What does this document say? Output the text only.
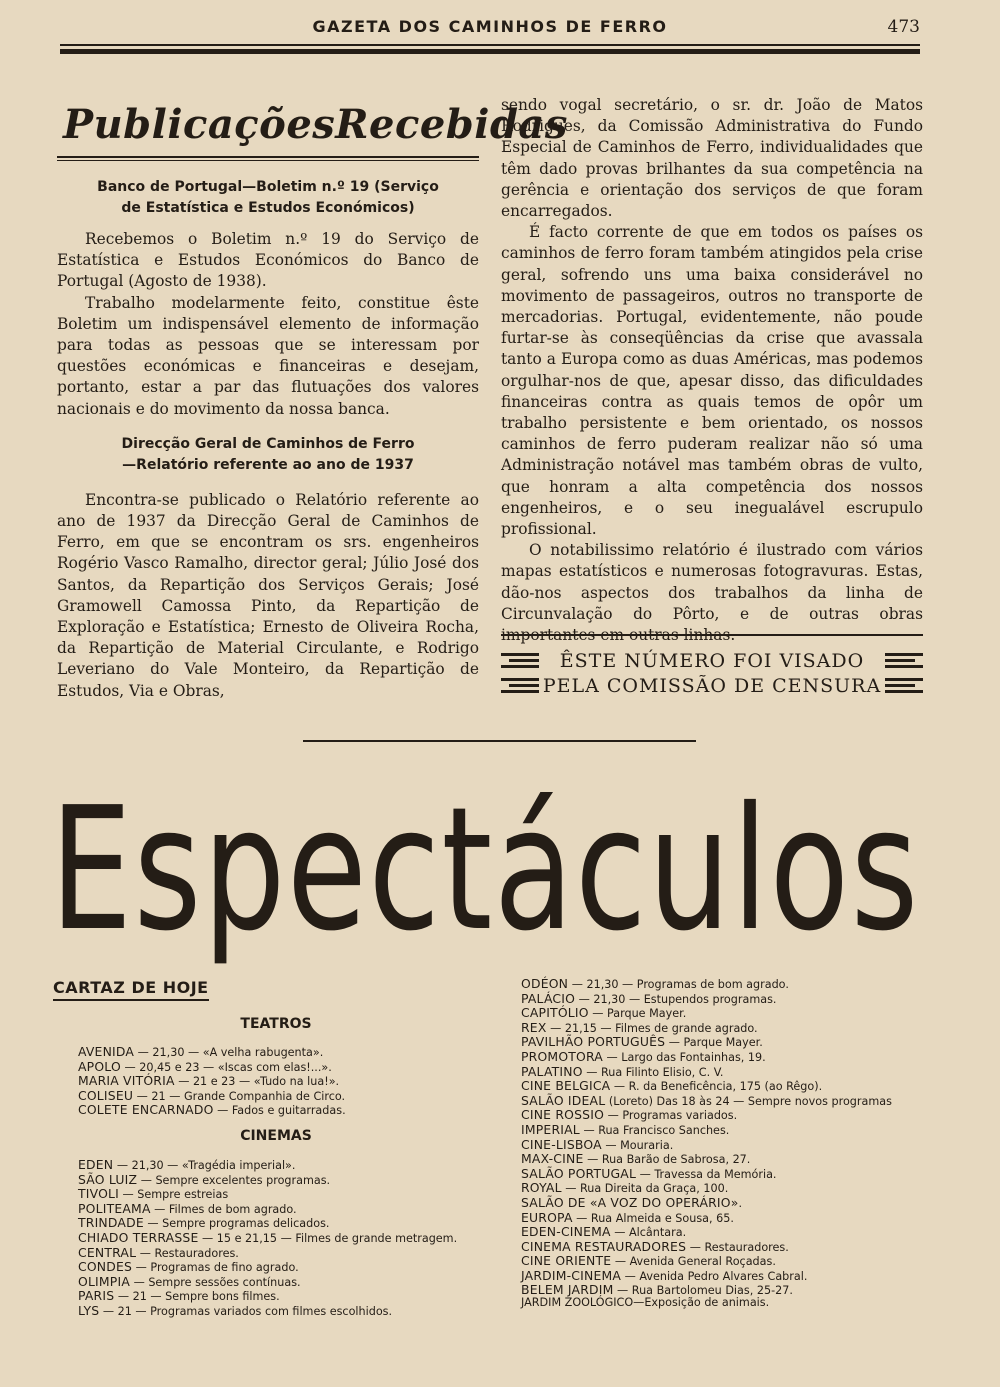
GAZETA DOS CAMINHOS DE FERRO	473
Publicações Recebidas
Banco de Portugal—Boletim n.º 19 (Serviço
de Estatística e Estudos Económicos)

Recebemos o Boletim n.º 19 do Serviço de Estatística e Estudos Económicos do Banco de Portugal (Agosto de 1938).

Trabalho modelarmente feito, constitue êste Boletim um indispensável elemento de informação para todas as pessoas que se interessam por questões económicas e financeiras e desejam, portanto, estar a par das flutuações dos valores nacionais e do movimento da nossa banca.

Direcção Geral de Caminhos de Ferro
—Relatório referente ao ano de 1937

Encontra-se publicado o Relatório referente ao ano de 1937 da Direcção Geral de Caminhos de Ferro, em que se encontram os srs. engenheiros Rogério Vasco Ramalho, director geral; Júlio José dos Santos, da Repartição dos Serviços Gerais; José Gramowell Camossa Pinto, da Repartição de Exploração e Estatística; Ernesto de Oliveira Rocha, da Repartição de Material Circulante, e Rodrigo Leveriano do Vale Monteiro, da Repartição de Estudos, Via e Obras,

sendo vogal secretário, o sr. dr. João de Matos Rodrigues, da Comissão Administrativa do Fundo Especial de Caminhos de Ferro, individualidades que têm dado provas brilhantes da sua competência na gerência e orientação dos serviços de que foram encarregados.

É facto corrente de que em todos os países os caminhos de ferro foram também atingidos pela crise geral, sofrendo uns uma baixa considerável no movimento de passageiros, outros no transporte de mercadorias. Portugal, evidentemente, não poude furtar-se às conseqüências da crise que avassala tanto a Europa como as duas Américas, mas podemos orgulhar-nos de que, apesar disso, das dificuldades financeiras contra as quais temos de opôr um trabalho persistente e bem orientado, os nossos caminhos de ferro puderam realizar não só uma Administração notável mas também obras de vulto, que honram a alta competência dos nossos engenheiros, e o seu inegualável escrupulo profissional.

O notabilissimo relatório é ilustrado com vários mapas estatísticos e numerosas fotogravuras. Estas, dão-nos aspectos dos trabalhos da linha de Circunvalação do Pôrto, e de outras obras importantes em outras linhas.

ÊSTE NÚMERO FOI VISADO
PELA COMISSÃO DE CENSURA
Espectáculos
CARTAZ DE HOJE
TEATROS
AVENIDA — 21,30 — «A velha rabugenta».
APOLO — 20,45 e 23 — «Iscas com elas!...».
MARIA VITÓRIA — 21 e 23 — «Tudo na lua!».
COLISEU — 21 — Grande Companhia de Circo.
COLETE ENCARNADO — Fados e guitarradas.
CINEMAS
EDEN — 21,30 — «Tragédia imperial».
SÃO LUIZ — Sempre excelentes programas.
TIVOLI — Sempre estreias
POLITEAMA — Filmes de bom agrado.
TRINDADE — Sempre programas delicados.
CHIADO TERRASSE — 15 e 21,15 — Filmes de grande metragem.
CENTRAL — Restauradores.
CONDES — Programas de fino agrado.
OLIMPIA — Sempre sessões contínuas.
PARIS — 21 — Sempre bons filmes.
LYS — 21 — Programas variados com filmes escolhidos.
ODÉON — 21,30 — Programas de bom agrado.
PALÁCIO — 21,30 — Estupendos programas.
CAPITÓLIO — Parque Mayer.
REX — 21,15 — Filmes de grande agrado.
PAVILHÃO PORTUGUÊS — Parque Mayer.
PROMOTORA — Largo das Fontainhas, 19.
PALATINO — Rua Filinto Elisio, C. V.
CINE BELGICA — R. da Beneficência, 175 (ao Rêgo).
SALÃO IDEAL (Loreto) Das 18 às 24 — Sempre novos programas
CINE ROSSIO — Programas variados.
IMPERIAL — Rua Francisco Sanches.
CINE-LISBOA — Mouraria.
MAX-CINE — Rua Barão de Sabrosa, 27.
SALÃO PORTUGAL — Travessa da Memória.
ROYAL — Rua Direita da Graça, 100.
SALÃO DE «A VOZ DO OPERÁRIO».
EUROPA — Rua Almeida e Sousa, 65.
EDEN-CINEMA — Alcântara.
CINEMA RESTAURADORES — Restauradores.
CINE ORIENTE — Avenida General Roçadas.
JARDIM-CINEMA — Avenida Pedro Alvares Cabral.
BELEM JARDIM — Rua Bartolomeu Dias, 25-27.
JARDIM ZOOLÓGICO—Exposição de animais.
